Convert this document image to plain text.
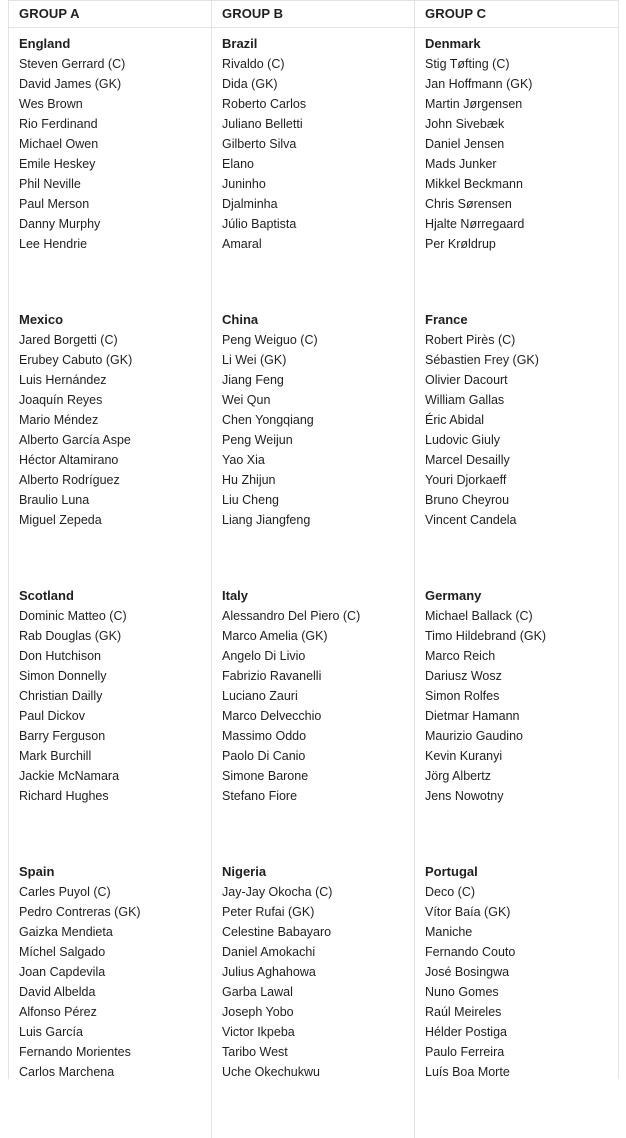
GROUP A
England
Steven Gerrard (C)
David James (GK)
Wes Brown
Rio Ferdinand
Michael Owen
Emile Heskey
Phil Neville
Paul Merson
Danny Murphy
Lee Hendrie
Mexico
Jared Borgetti (C)
Erubey Cabuto (GK)
Luis Hernández
Joaquín Reyes
Mario Méndez
Alberto García Aspe
Héctor Altamirano
Alberto Rodríguez
Braulio Luna
Miguel Zepeda
Scotland
Dominic Matteo (C)
Rab Douglas (GK)
Don Hutchison
Simon Donnelly
Christian Dailly
Paul Dickov
Barry Ferguson
Mark Burchill
Jackie McNamara
Richard Hughes
Spain
Carles Puyol (C)
Pedro Contreras (GK)
Gaizka Mendieta
Míchel Salgado
Joan Capdevila
David Albelda
Alfonso Pérez
Luis García
Fernando Morientes
Carlos Marchena
GROUP B
Brazil
Rivaldo (C)
Dida (GK)
Roberto Carlos
Juliano Belletti
Gilberto Silva
Elano
Juninho
Djalminha
Júlio Baptista
Amaral
China
Peng Weiguo (C)
Li Wei (GK)
Jiang Feng
Wei Qun
Chen Yongqiang
Peng Weijun
Yao Xia
Hu Zhijun
Liu Cheng
Liang Jiangfeng
Italy
Alessandro Del Piero (C)
Marco Amelia (GK)
Angelo Di Livio
Fabrizio Ravanelli
Luciano Zauri
Marco Delvecchio
Massimo Oddo
Paolo Di Canio
Simone Barone
Stefano Fiore
Nigeria
Jay-Jay Okocha (C)
Peter Rufai (GK)
Celestine Babayaro
Daniel Amokachi
Julius Aghahowa
Garba Lawal
Joseph Yobo
Victor Ikpeba
Taribo West
Uche Okechukwu
GROUP C
Denmark
Stig Tøfting (C)
Jan Hoffmann (GK)
Martin Jørgensen
John Sivebæk
Daniel Jensen
Mads Junker
Mikkel Beckmann
Chris Sørensen
Hjalte Nørregaard
Per Krøldrup
France
Robert Pirès (C)
Sébastien Frey (GK)
Olivier Dacourt
William Gallas
Éric Abidal
Ludovic Giuly
Marcel Desailly
Youri Djorkaeff
Bruno Cheyrou
Vincent Candela
Germany
Michael Ballack (C)
Timo Hildebrand (GK)
Marco Reich
Dariusz Wosz
Simon Rolfes
Dietmar Hamann
Maurizio Gaudino
Kevin Kuranyi
Jörg Albertz
Jens Nowotny
Portugal
Deco (C)
Vítor Baía (GK)
Maniche
Fernando Couto
José Bosingwa
Nuno Gomes
Raúl Meireles
Hélder Postiga
Paulo Ferreira
Luís Boa Morte
